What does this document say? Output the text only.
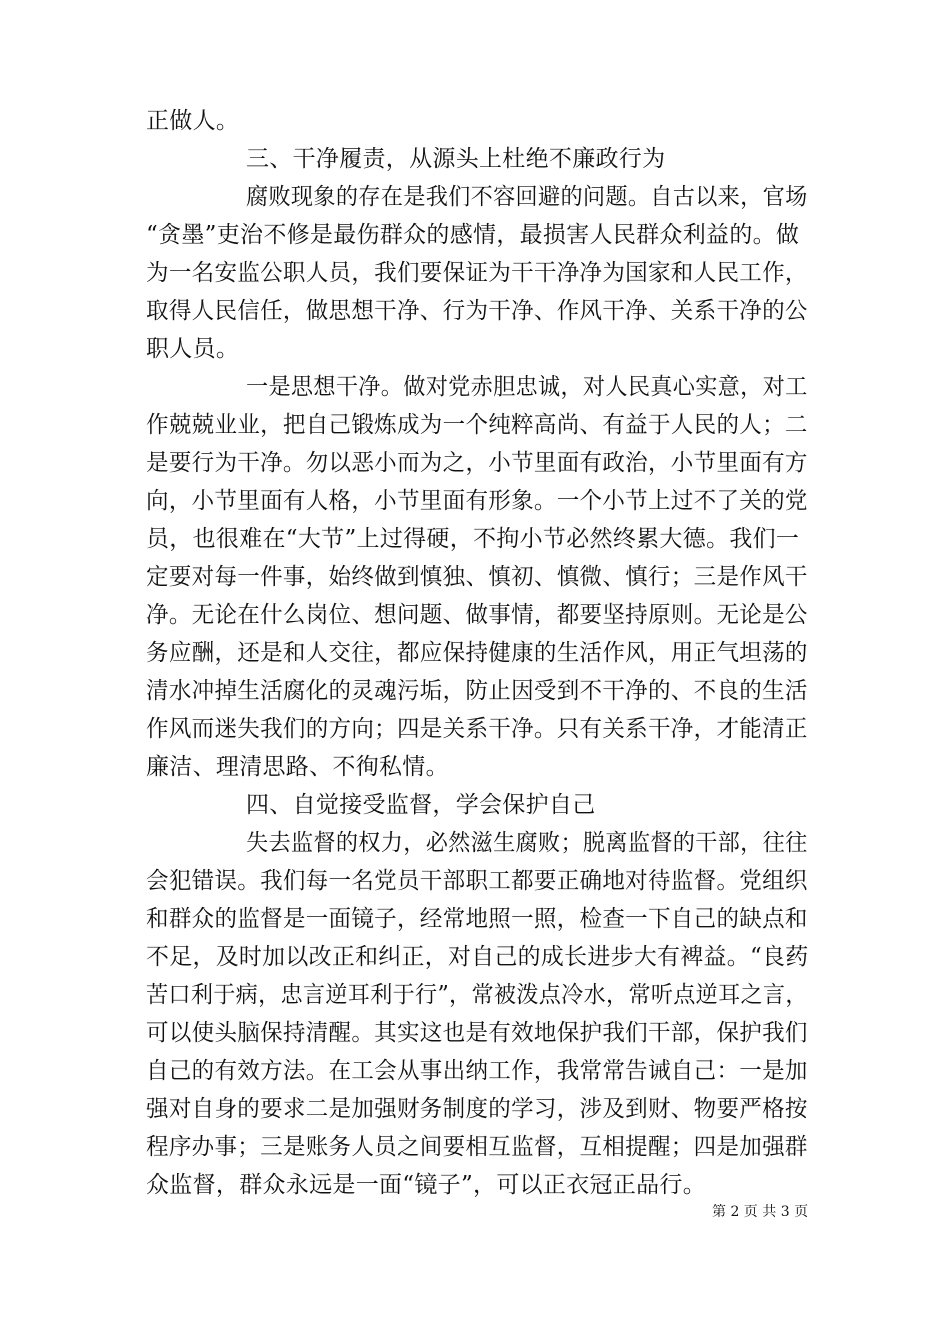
正做人。
三、干净履责，从源头上杜绝不廉政行为
腐败现象的存在是我们不容回避的问题。自古以来，官场
“贪墨”吏治不修是最伤群众的感情，最损害人民群众利益的。做
为一名安监公职人员，我们要保证为干干净净为国家和人民工作，
取得人民信任，做思想干净、行为干净、作风干净、关系干净的公
职人员。
一是思想干净。做对党赤胆忠诚，对人民真心实意，对工
作兢兢业业，把自己锻炼成为一个纯粹高尚、有益于人民的人；二
是要行为干净。勿以恶小而为之，小节里面有政治，小节里面有方
向，小节里面有人格，小节里面有形象。一个小节上过不了关的党
员，也很难在“大节”上过得硬，不拘小节必然终累大德。我们一
定要对每一件事，始终做到慎独、慎初、慎微、慎行；三是作风干
净。无论在什么岗位、想问题、做事情，都要坚持原则。无论是公
务应酬，还是和人交往，都应保持健康的生活作风，用正气坦荡的
清水冲掉生活腐化的灵魂污垢，防止因受到不干净的、不良的生活
作风而迷失我们的方向；四是关系干净。只有关系干净，才能清正
廉洁、理清思路、不徇私情。
四、自觉接受监督，学会保护自己
失去监督的权力，必然滋生腐败；脱离监督的干部，往往
会犯错误。我们每一名党员干部职工都要正确地对待监督。党组织
和群众的监督是一面镜子，经常地照一照，检查一下自己的缺点和
不足，及时加以改正和纠正，对自己的成长进步大有裨益。“良药
苦口利于病，忠言逆耳利于行”，常被泼点冷水，常听点逆耳之言，
可以使头脑保持清醒。其实这也是有效地保护我们干部，保护我们
自己的有效方法。在工会从事出纳工作，我常常告诫自己：一是加
强对自身的要求二是加强财务制度的学习，涉及到财、物要严格按
程序办事；三是账务人员之间要相互监督，互相提醒；四是加强群
众监督，群众永远是一面“镜子”，可以正衣冠正品行。
第 2 页 共 3 页
